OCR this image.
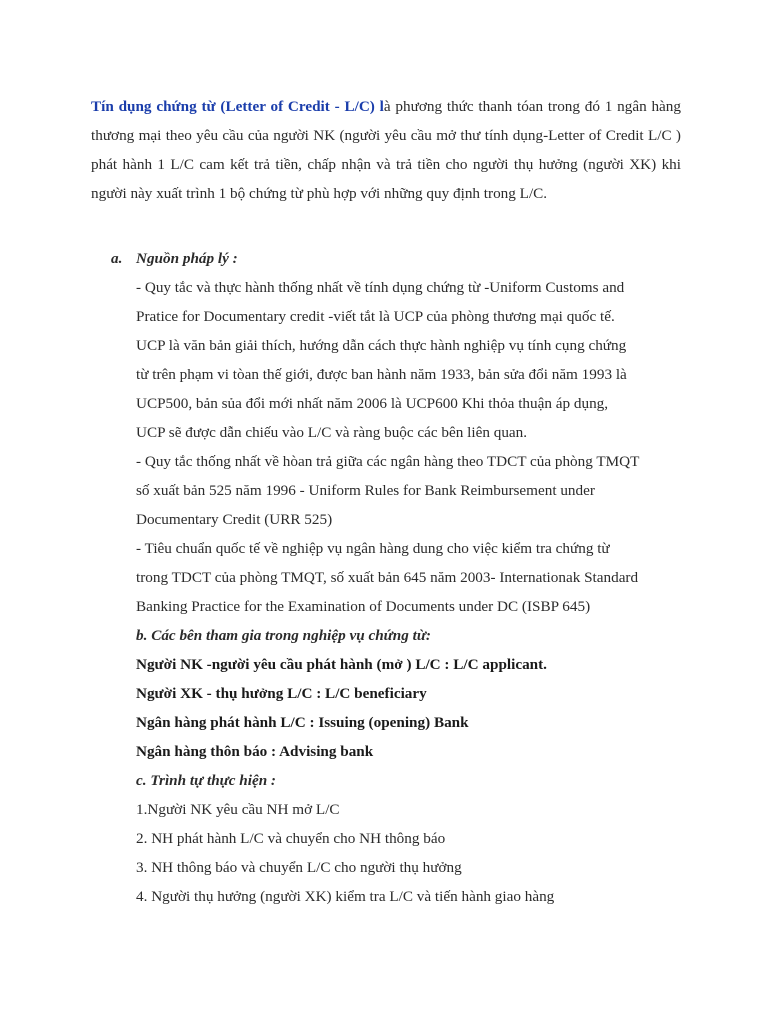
Tín dụng chứng từ (Letter of Credit - L/C) là phương thức thanh tóan trong đó 1 ngân hàng thương mại theo yêu cầu của người NK (người yêu cầu mở thư tính dụng-Letter of Credit L/C ) phát hành 1 L/C cam kết trả tiền, chấp nhận và trả tiền cho người thụ hưởng (người XK) khi người này xuất trình 1 bộ chứng từ phù hợp với những quy định trong L/C.

a. Nguồn pháp lý :
- Quy tắc và thực hành thống nhất về tính dụng chứng từ -Uniform Customs and
Pratice for Documentary credit -viết tắt là UCP của phòng thương mại quốc tế.
UCP là văn bản giải thích, hướng dẫn cách thực hành nghiệp vụ tính cụng chứng
từ trên phạm vi tòan thế giới, được ban hành năm 1933, bản sửa đổi năm 1993 là
UCP500, bản sủa đổi mới nhất năm 2006 là UCP600 Khi thỏa thuận áp dụng,
UCP sẽ được dẫn chiếu vào L/C và ràng buộc các bên liên quan.
- Quy tắc thống nhất về hòan trả giữa các ngân hàng theo TDCT của phòng TMQT
số xuất bản 525 năm 1996 - Uniform Rules for Bank Reimbursement under
Documentary Credit (URR 525)
- Tiêu chuẩn quốc tế về nghiệp vụ ngân hàng dung cho việc kiểm tra chứng từ
trong TDCT của phòng TMQT, số xuất bản 645 năm 2003- Internationak Standard
Banking Practice for the Examination of Documents under DC (ISBP 645)
b. Các bên tham gia trong nghiệp vụ chứng từ:
Người NK -người yêu cầu phát hành (mở ) L/C : L/C applicant.
Người XK - thụ hưởng L/C : L/C beneficiary
Ngân hàng phát hành L/C : Issuing (opening) Bank
Ngân hàng thôn báo : Advising bank
c. Trình tự thực hiện :
1.Người NK yêu cầu NH mở L/C
2. NH phát hành L/C và chuyển cho NH thông báo
3. NH thông báo và chuyển L/C cho người thụ hưởng
4. Người thụ hưởng (người XK) kiểm tra L/C và tiến hành giao hàng
